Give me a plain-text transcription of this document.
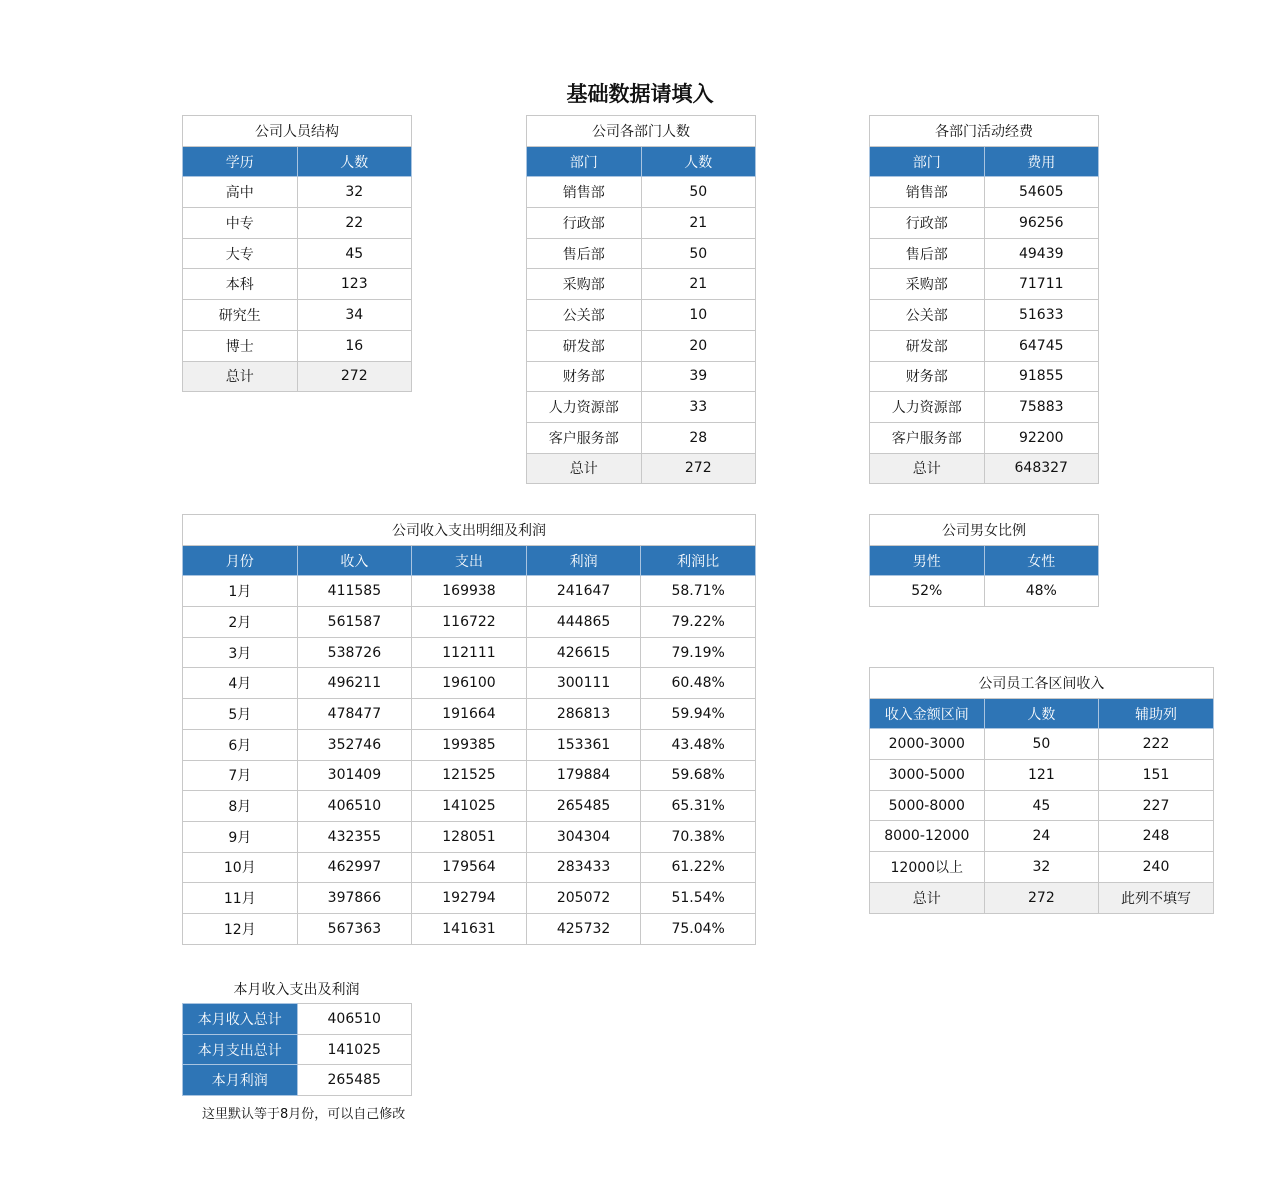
基础数据请填入
公司人员结构	
学历	人数
高中	32
中专	22
大专	45
本科	123
研究生	34
博士	16
总计	272
公司各部门人数	
部门	人数
销售部	50
行政部	21
售后部	50
采购部	21
公关部	10
研发部	20
财务部	39
人力资源部	33
客户服务部	28
总计	272
各部门活动经费	
部门	费用
销售部	54605
行政部	96256
售后部	49439
采购部	71711
公关部	51633
研发部	64745
财务部	91855
人力资源部	75883
客户服务部	92200
总计	648327
公司收入支出明细及利润				
月份	收入	支出	利润	利润比
1月	411585	169938	241647	58.71%
2月	561587	116722	444865	79.22%
3月	538726	112111	426615	79.19%
4月	496211	196100	300111	60.48%
5月	478477	191664	286813	59.94%
6月	352746	199385	153361	43.48%
7月	301409	121525	179884	59.68%
8月	406510	141025	265485	65.31%
9月	432355	128051	304304	70.38%
10月	462997	179564	283433	61.22%
11月	397866	192794	205072	51.54%
12月	567363	141631	425732	75.04%
公司男女比例	
男性	女性
52%	48%
公司员工各区间收入		
收入金额区间	人数	辅助列
2000-3000	50	222
3000-5000	121	151
5000-8000	45	227
8000-12000	24	248
12000以上	32	240
总计	272	此列不填写
本月收入支出及利润
本月收入总计	406510
本月支出总计	141025
本月利润	265485
这里默认等于8月份，可以自己修改
